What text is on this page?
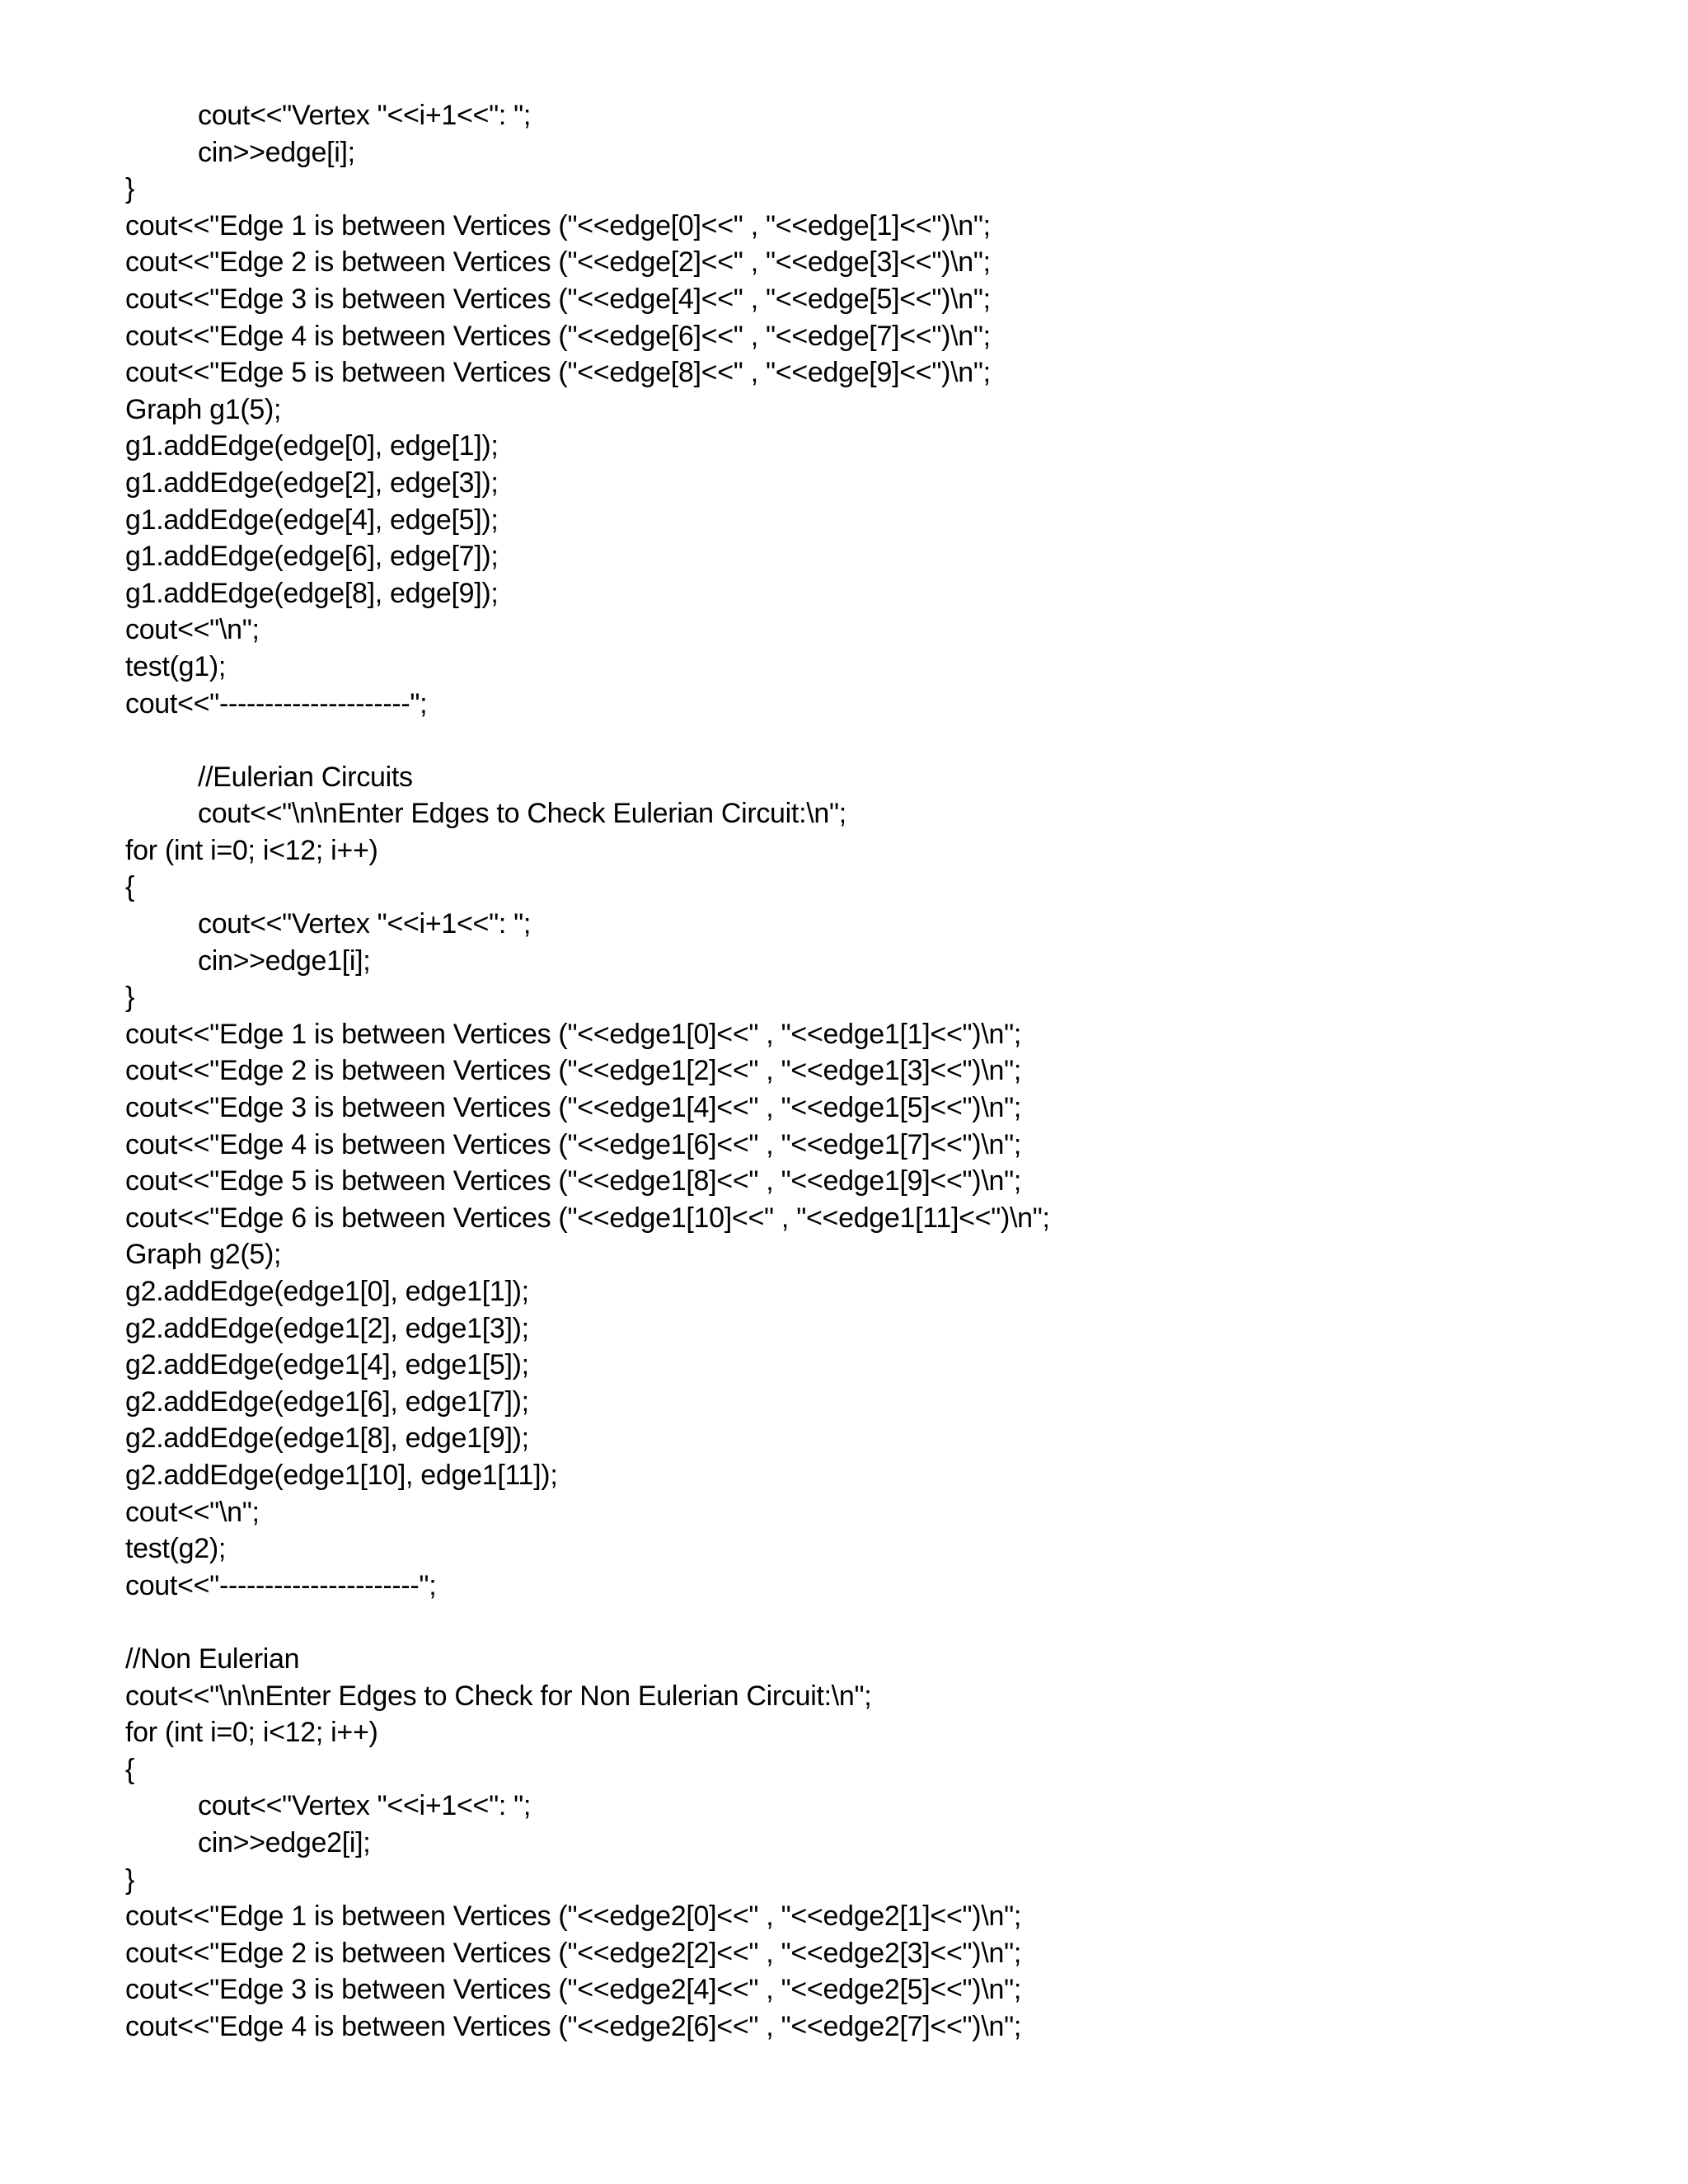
cout<<"Vertex "<<i+1<<": ";
cin>>edge[i];
}
cout<<"Edge 1 is between Vertices ("<<edge[0]<<" , "<<edge[1]<<")\n";
cout<<"Edge 2 is between Vertices ("<<edge[2]<<" , "<<edge[3]<<")\n";
cout<<"Edge 3 is between Vertices ("<<edge[4]<<" , "<<edge[5]<<")\n";
cout<<"Edge 4 is between Vertices ("<<edge[6]<<" , "<<edge[7]<<")\n";
cout<<"Edge 5 is between Vertices ("<<edge[8]<<" , "<<edge[9]<<")\n";
Graph g1(5);
g1.addEdge(edge[0], edge[1]);
g1.addEdge(edge[2], edge[3]);
g1.addEdge(edge[4], edge[5]);
g1.addEdge(edge[6], edge[7]);
g1.addEdge(edge[8], edge[9]);
cout<<"\n";
test(g1);
cout<<"---------------------";
//Eulerian Circuits
cout<<"\n\nEnter Edges to Check Eulerian Circuit:\n";
for (int i=0; i<12; i++)
{
cout<<"Vertex "<<i+1<<": ";
cin>>edge1[i];
}
cout<<"Edge 1 is between Vertices ("<<edge1[0]<<" , "<<edge1[1]<<")\n";
cout<<"Edge 2 is between Vertices ("<<edge1[2]<<" , "<<edge1[3]<<")\n";
cout<<"Edge 3 is between Vertices ("<<edge1[4]<<" , "<<edge1[5]<<")\n";
cout<<"Edge 4 is between Vertices ("<<edge1[6]<<" , "<<edge1[7]<<")\n";
cout<<"Edge 5 is between Vertices ("<<edge1[8]<<" , "<<edge1[9]<<")\n";
cout<<"Edge 6 is between Vertices ("<<edge1[10]<<" , "<<edge1[11]<<")\n";
Graph g2(5);
g2.addEdge(edge1[0], edge1[1]);
g2.addEdge(edge1[2], edge1[3]);
g2.addEdge(edge1[4], edge1[5]);
g2.addEdge(edge1[6], edge1[7]);
g2.addEdge(edge1[8], edge1[9]);
g2.addEdge(edge1[10], edge1[11]);
cout<<"\n";
test(g2);
cout<<"----------------------";
//Non Eulerian
cout<<"\n\nEnter Edges to Check for Non Eulerian Circuit:\n";
for (int i=0; i<12; i++)
{
cout<<"Vertex "<<i+1<<": ";
cin>>edge2[i];
}
cout<<"Edge 1 is between Vertices ("<<edge2[0]<<" , "<<edge2[1]<<")\n";
cout<<"Edge 2 is between Vertices ("<<edge2[2]<<" , "<<edge2[3]<<")\n";
cout<<"Edge 3 is between Vertices ("<<edge2[4]<<" , "<<edge2[5]<<")\n";
cout<<"Edge 4 is between Vertices ("<<edge2[6]<<" , "<<edge2[7]<<")\n";
